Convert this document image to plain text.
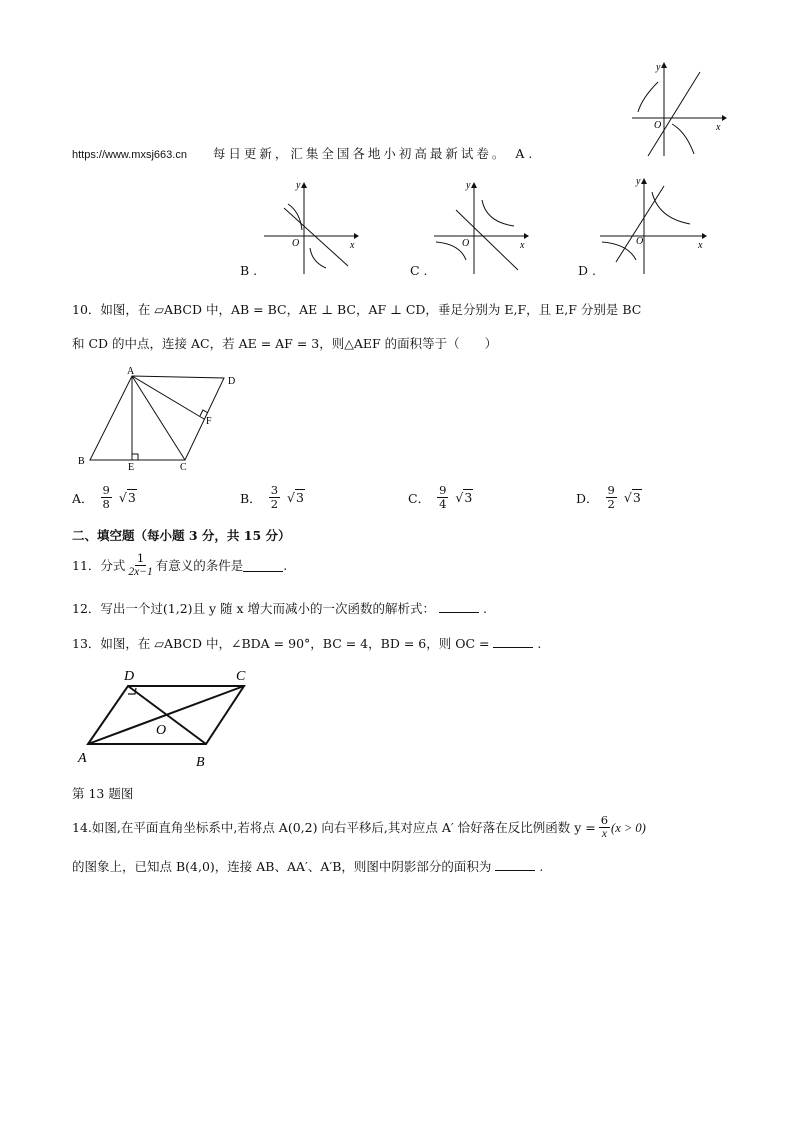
y
x
O
https://www.mxsj663.cn 每日更新，汇集全国各地小初高最新试卷。 A .
y
x
O
B .
y
x
O
C .
y
x
O
D .
10．如图，在 ▱ABCD 中，AB = BC，AE ⊥ BC，AF ⊥ CD，垂足分别为 E,F，且 E,F 分别是 BC
和 CD 的中点，连接 AC，若 AE = AF = 3，则△AEF 的面积等于（　　）
A
D
B
E	C
F
A． $\frac{9}{8} √3$	B． $\frac{3}{2} √3$	C． $\frac{9}{4} √3$	D． $\frac{9}{2} √3$
二、填空题（每小题 3 分，共 15 分）
11．分式 $\frac{1}{2x-1}$ 有意义的条件是	.
12．写出一个过(1,2)且 y 随 x 增大而减小的一次函数的解析式：	.
13．如图，在 ▱ABCD 中，∠BDA = 90°，BC = 4，BD = 6，则 OC =	.
D	C
A	B
O
第 13 题图
14.如图,在平面直角坐标系中,若将点 A(0,2) 向右平移后,其对应点 A′ 恰好落在反比例函数 $y = \frac{6}{x} (x > 0)$
的图象上，已知点 B(4,0)，连接 AB、AA′、A′B，则图中阴影部分的面积为	.
